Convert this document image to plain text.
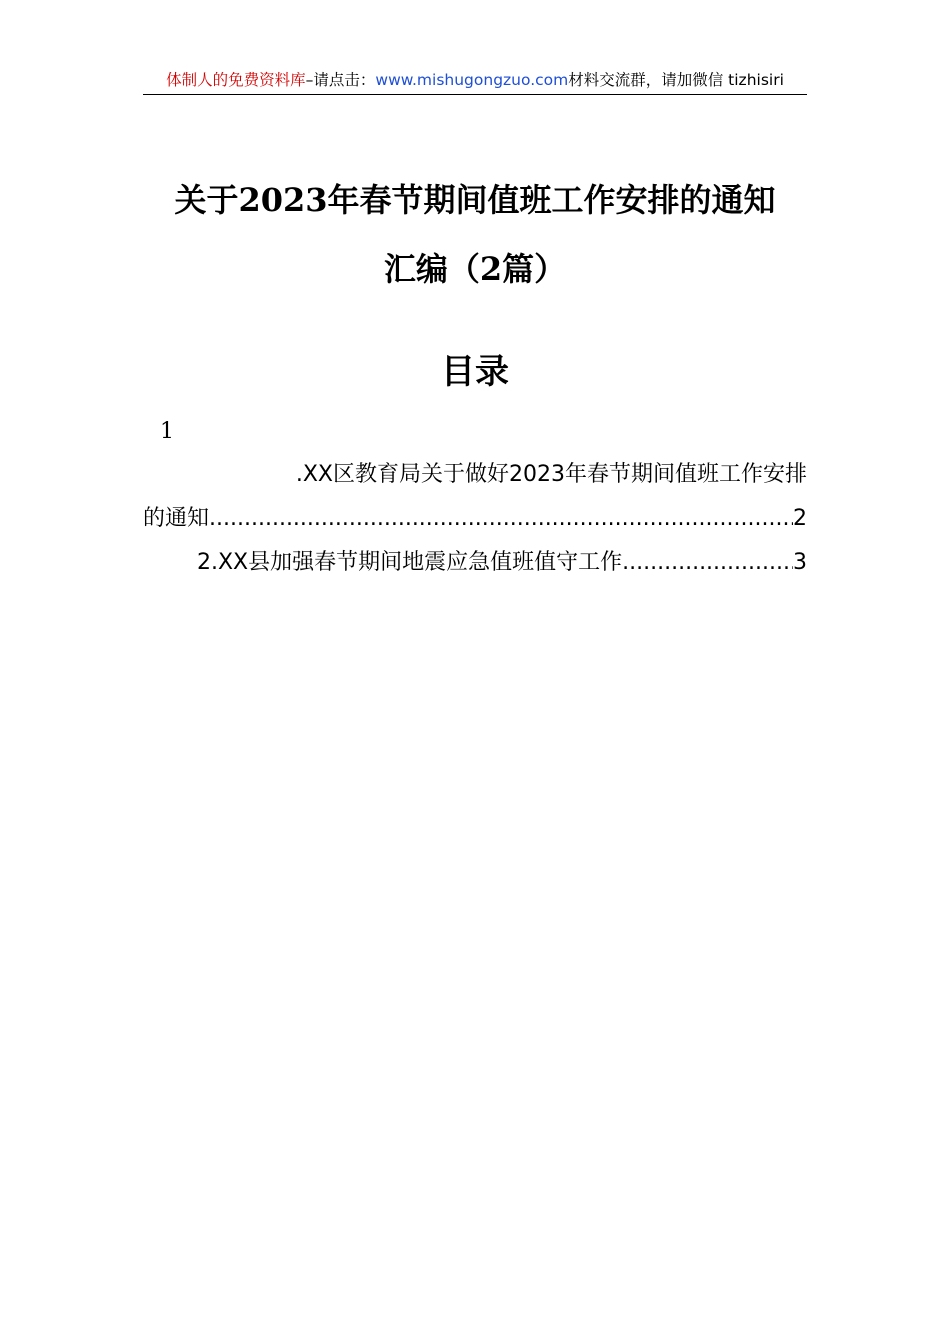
体制人的免费资料库–请点击：www.mishugongzuo.com材料交流群，请加微信 tizhisiri
关于2023年春节期间值班工作安排的通知
汇编（2篇）
目录
1
.XX区教育局关于做好2023年春节期间值班工作安排
的通知 .....	2
2.XX县加强春节期间地震应急值班值守工作 .....	3
